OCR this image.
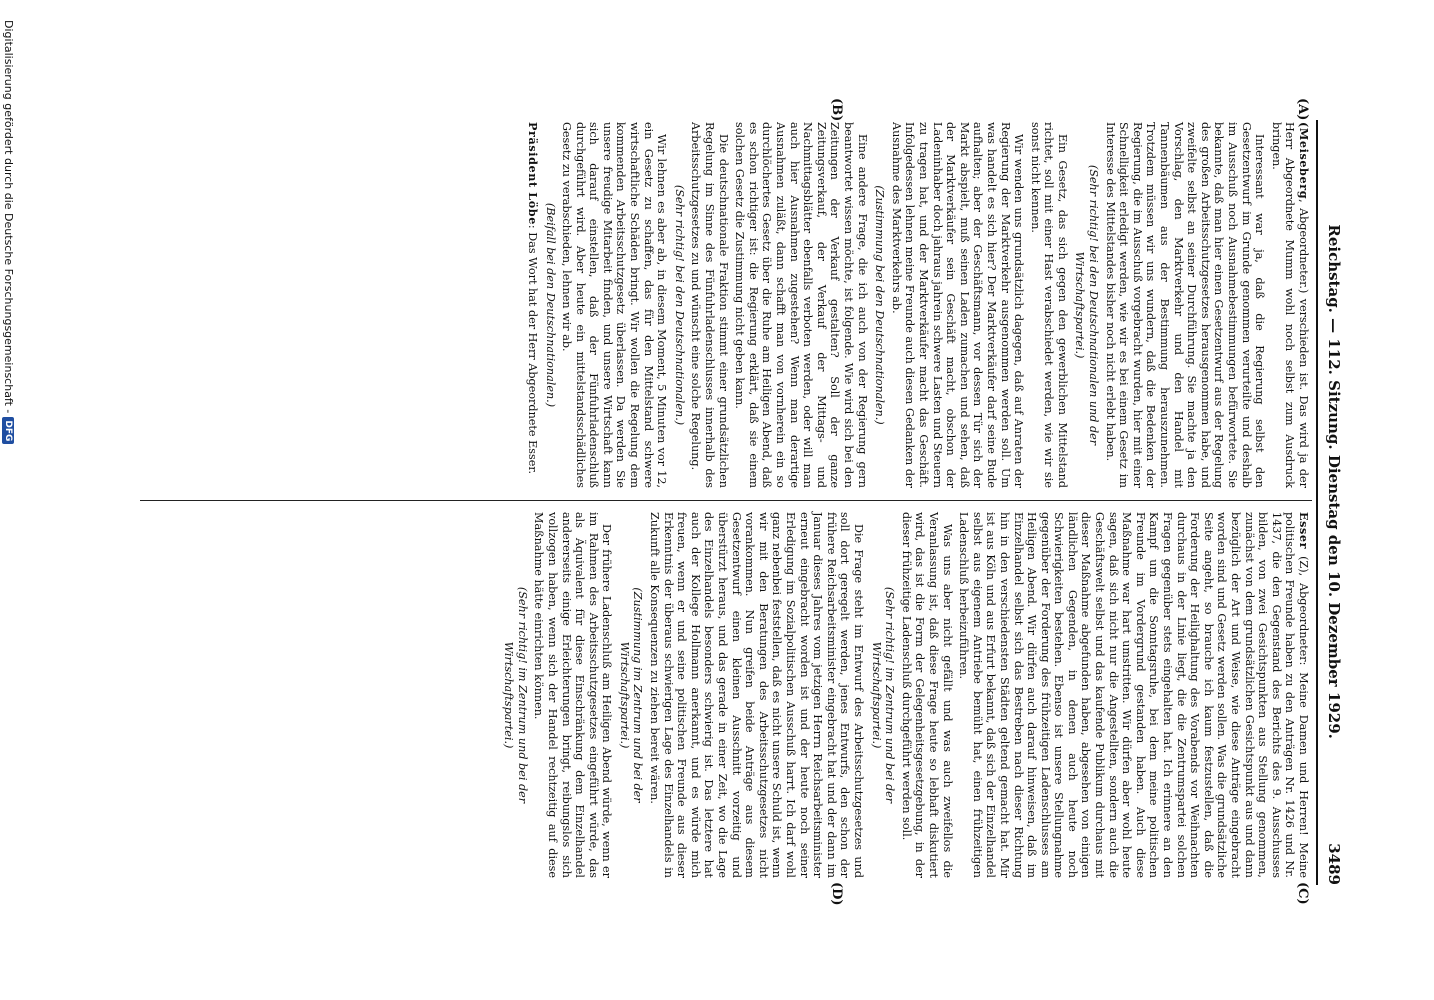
Reichstag. — 112. Sitzung. Dienstag den 10. Dezember 1929.
3489
(A)
(B)
(C)
(D)

(Meiseberg, Abgeordneter.) verschieden ist. Das wird ja der Herr Abgeordnete Mumm wohl noch selbst zum Ausdruck bringen.

Interessant war ja, daß die Regierung selbst den Gesetzentwurf im Grunde genommen verurteilte und deshalb im Ausschuß noch Ausnahmebestimmungen befürwortete. Sie bekannte, daß man hier einen Gesetzentwurf aus der Regelung des großen Arbeitsschutzgesetzes herausgenommen habe, und zweifelte selbst an seiner Durchführung. Sie machte ja den Vorschlag, den Marktverkehr und den Handel mit Tannenbäumen aus der Bestimmung herauszunehmen. Trotzdem müssen wir uns wundern, daß die Bedenken der Regierung, die im Ausschuß vorgebracht wurden, hier mit einer Schnelligkeit erledigt werden, wie wir es bei einem Gesetz im Interesse des Mittelstandes bisher noch nicht erlebt haben.

(Sehr richtig! bei den Deutschnationalen und der Wirtschaftspartei.)

Ein Gesetz, das sich gegen den gewerblichen Mittelstand richtet, soll mit einer Hast verabschiedet werden, wie wir sie sonst nicht kennen.

Wir wenden uns grundsätzlich dagegen, daß auf Anraten der Regierung der Marktverkehr ausgenommen werden soll. Um was handelt es sich hier? Der Marktverkäufer darf seine Bude aufhalten; aber der Geschäftsmann, vor dessen Tür sich der Markt abspielt, muß seinen Laden zumachen und sehen, daß der Marktverkäufer sein Geschäft macht, obschon der Ladeninhaber doch jahraus jahrein schwere Lasten und Steuern zu tragen hat, und der Marktverkäufer macht das Geschäft. Infolgedessen lehnen meine Freunde auch diesen Gedanken der Ausnahme des Marktverkehrs ab.

(Zustimmung bei den Deutschnationalen.)

Eine andere Frage, die ich auch von der Regierung gern beantwortet wissen möchte, ist folgende. Wie wird sich bei den Zeitungen der Verkauf gestalten? Soll der ganze Zeitungsverkauf, der Verkauf der Mittags- und Nachmittagsblätter ebenfalls verboten werden, oder will man auch hier Ausnahmen zugestehen? Wenn man derartige Ausnahmen zuläßt, dann schafft man von vornherein ein so durchlöchertes Gesetz über die Ruhe am Heiligen Abend, daß es schon richtiger ist: die Regierung erklärt, daß sie einem solchen Gesetz die Zustimmung nicht geben kann.

Die deutschnationale Fraktion stimmt einer grundsätzlichen Regelung im Sinne des Fünfuhrladenschlusses innerhalb des Arbeitsschutzgesetzes zu und wünscht eine solche Regelung.

(Sehr richtig! bei den Deutschnationalen.)

Wir lehnen es aber ab, in diesem Moment, 5 Minuten vor 12, ein Gesetz zu schaffen, das für den Mittelstand schwere wirtschaftliche Schäden bringt. Wir wollen die Regelung dem kommenden Arbeitsschutzgesetz überlassen. Da werden Sie unsere freudige Mitarbeit finden, und unsere Wirtschaft kann sich darauf einstellen, daß der Fünfuhrladenschluß durchgeführt wird. Aber heute ein mittelstandsschädliches Gesetz zu verabschieden, lehnen wir ab.

(Beifall bei den Deutschnationalen.)

Präsident Löbe: Das Wort hat der Herr Abgeordnete Esser.

Esser (Z), Abgeordneter: Meine Damen und Herren! Meine politischen Freunde haben zu den Anträgen Nr. 1426 und Nr. 1437, die den Gegenstand des Berichts des 9. Ausschusses bilden, von zwei Gesichtspunkten aus Stellung genommen, zunächst von dem grundsätzlichen Gesichtspunkt aus und dann bezüglich der Art und Weise, wie diese Anträge eingebracht worden sind und Gesetz werden sollen. Was die grundsätzliche Seite angeht, so brauche ich kaum festzustellen, daß die Forderung der Heilighaltung des Vorabends vor Weihnachten durchaus in der Linie liegt, die die Zentrumspartei solchen Fragen gegenüber stets eingehalten hat. Ich erinnere an den Kampf um die Sonntagsruhe, bei dem meine politischen Freunde im Vordergrund gestanden haben. Auch diese Maßnahme war hart umstritten. Wir dürfen aber wohl heute sagen, daß sich nicht nur die Angestellten, sondern auch die Geschäftswelt selbst und das kaufende Publikum durchaus mit dieser Maßnahme abgefunden haben, abgesehen von einigen ländlichen Gegenden, in denen auch heute noch Schwierigkeiten bestehen. Ebenso ist unsere Stellungnahme gegenüber der Forderung des frühzeitigen Ladenschlusses am Heiligen Abend. Wir dürfen auch darauf hinweisen, daß im Einzelhandel selbst sich das Bestreben nach dieser Richtung hin in den verschiedensten Städten geltend gemacht hat. Mir ist aus Köln und aus Erfurt bekannt, daß sich der Einzelhandel selbst aus eigenem Antriebe bemüht hat, einen frühzeitigen Ladenschluß herbeizuführen.

Was uns aber nicht gefällt und was auch zweifellos die Veranlassung ist, daß diese Frage heute so lebhaft diskutiert wird, das ist die Form der Gelegenheitsgesetzgebung, in der dieser frühzeitige Ladenschluß durchgeführt werden soll.

(Sehr richtig! im Zentrum und bei der Wirtschaftspartei.)

Die Frage steht im Entwurf des Arbeitsschutzgesetzes und soll dort geregelt werden, jenes Entwurfs, den schon der frühere Reichsarbeitsminister eingebracht hat und der dann im Januar dieses Jahres vom jetzigen Herrn Reichsarbeitsminister erneut eingebracht worden ist und der heute noch seiner Erledigung im Sozialpolitischen Ausschuß harrt. Ich darf wohl ganz nebenbei feststellen, daß es nicht unsere Schuld ist, wenn wir mit den Beratungen des Arbeitsschutzgesetzes nicht vorankommen. Nun greifen beide Anträge aus diesem Gesetzentwurf einen kleinen Ausschnitt vorzeitig und überstürzt heraus, und das gerade in einer Zeit, wo die Lage des Einzelhandels besonders schwierig ist. Das letztere hat auch der Kollege Hollmann anerkannt, und es würde mich freuen, wenn er und seine politischen Freunde aus dieser Erkenntnis der überaus schwierigen Lage des Einzelhandels in Zukunft alle Konsequenzen zu ziehen bereit wären.

(Zustimmung im Zentrum und bei der Wirtschaftspartei.)

Der frühere Ladenschluß am Heiligen Abend würde, wenn er im Rahmen des Arbeitsschutzgesetzes eingeführt würde, das als Äquivalent für diese Einschränkung dem Einzelhandel andererseits einige Erleichterungen bringt, reibungslos sich vollzogen haben, wenn sich der Handel rechtzeitig auf diese Maßnahme hätte einrichten können.

(Sehr richtig! im Zentrum und bei der Wirtschaftspartei.)

Digitalisierung gefördert durch die Deutsche Forschungsgemeinschaft -
DFG
